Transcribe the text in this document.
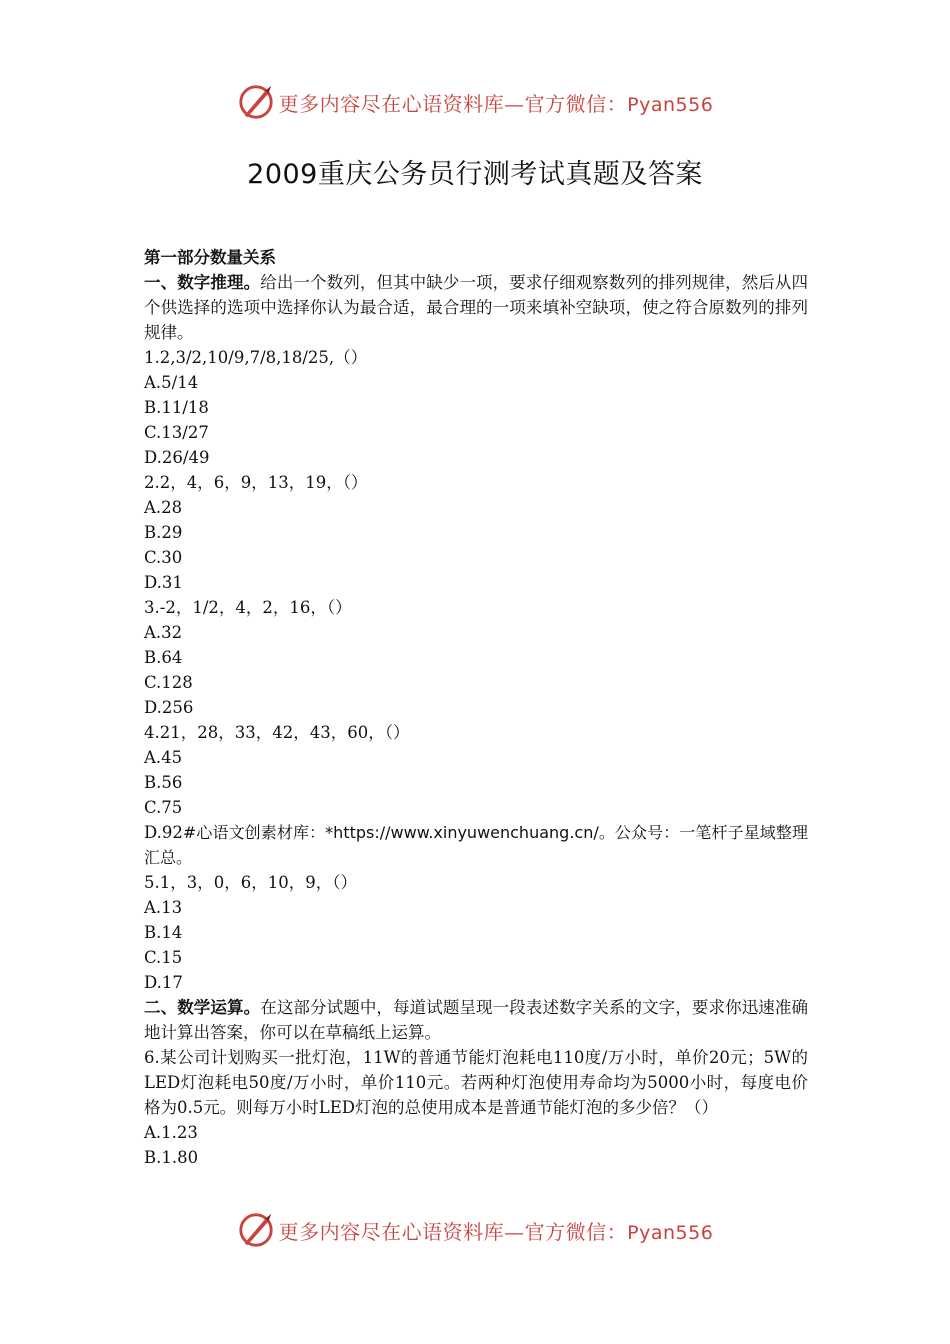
更多内容尽在心语资料库—官方微信：Pyan556
2009重庆公务员行测考试真题及答案
第一部分数量关系
一、数字推理。给出一个数列，但其中缺少一项，要求仔细观察数列的排列规律，然后从四个供选择的选项中选择你认为最合适，最合理的一项来填补空缺项，使之符合原数列的排列规律。
1.2,3/2,10/9,7/8,18/25,（）
A.5/14
B.11/18
C.13/27
D.26/49
2.2，4，6，9，13，19，（）
A.28
B.29
C.30
D.31
3.-2，1/2，4，2，16，（）
A.32
B.64
C.128
D.256
4.21，28，33，42，43，60，（）
A.45
B.56
C.75
D.92#心语文创素材库：*https://www.xinyuwenchuang.cn/。公众号：一笔杆子星域整理汇总。
5.1，3，0，6，10，9，（）
A.13
B.14
C.15
D.17
二、数学运算。在这部分试题中，每道试题呈现一段表述数字关系的文字，要求你迅速准确地计算出答案，你可以在草稿纸上运算。
6.某公司计划购买一批灯泡，11W的普通节能灯泡耗电110度/万小时，单价20元；5W的LED灯泡耗电50度/万小时，单价110元。若两种灯泡使用寿命均为5000小时，每度电价格为0.5元。则每万小时LED灯泡的总使用成本是普通节能灯泡的多少倍？（）
A.1.23
B.1.80
更多内容尽在心语资料库—官方微信：Pyan556
